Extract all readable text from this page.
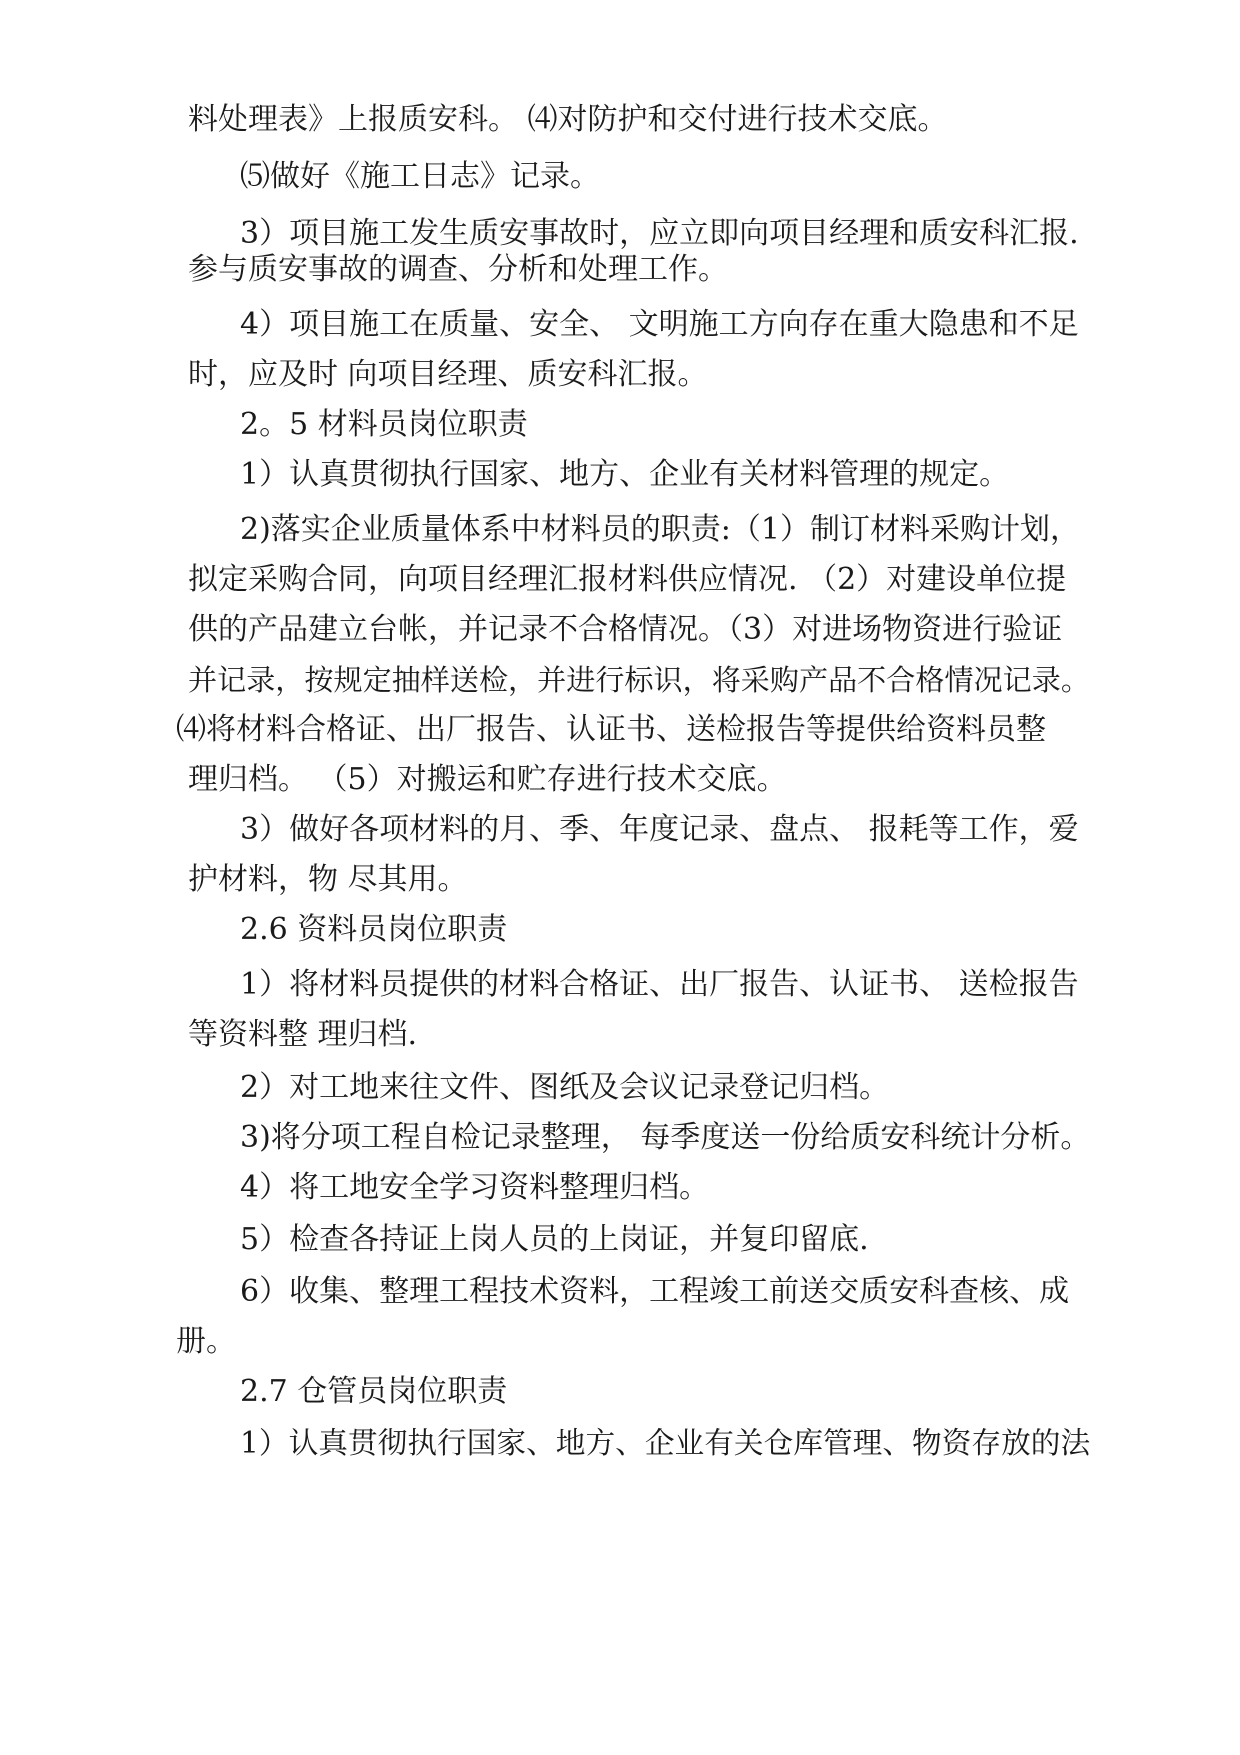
料处理表》上报质安科。 ⑷对防护和交付进行技术交底。
⑸做好《施工日志》记录。
3）项目施工发生质安事故时，应立即向项目经理和质安科汇报.
参与质安事故的调查、分析和处理工作。
4）项目施工在质量、安全、 文明施工方向存在重大隐患和不足
时，应及时 向项目经理、质安科汇报。
2。5 材料员岗位职责
1）认真贯彻执行国家、地方、企业有关材料管理的规定。
2)落实企业质量体系中材料员的职责:（1）制订材料采购计划，
拟定采购合同，向项目经理汇报材料供应情况. （2）对建设单位提
供的产品建立台帐，并记录不合格情况。（3）对进场物资进行验证
并记录，按规定抽样送检，并进行标识，将采购产品不合格情况记录。
⑷将材料合格证、出厂报告、认证书、送检报告等提供给资料员整
理归档。 （5）对搬运和贮存进行技术交底。
3）做好各项材料的月、季、年度记录、盘点、 报耗等工作，爱
护材料，物 尽其用。
2.6 资料员岗位职责
1）将材料员提供的材料合格证、出厂报告、认证书、 送检报告
等资料整 理归档.
2）对工地来往文件、图纸及会议记录登记归档。
3)将分项工程自检记录整理， 每季度送一份给质安科统计分析。
4）将工地安全学习资料整理归档。
5）检查各持证上岗人员的上岗证，并复印留底.
6）收集、整理工程技术资料，工程竣工前送交质安科查核、成
册。
2.7 仓管员岗位职责
1）认真贯彻执行国家、地方、企业有关仓库管理、物资存放的法
